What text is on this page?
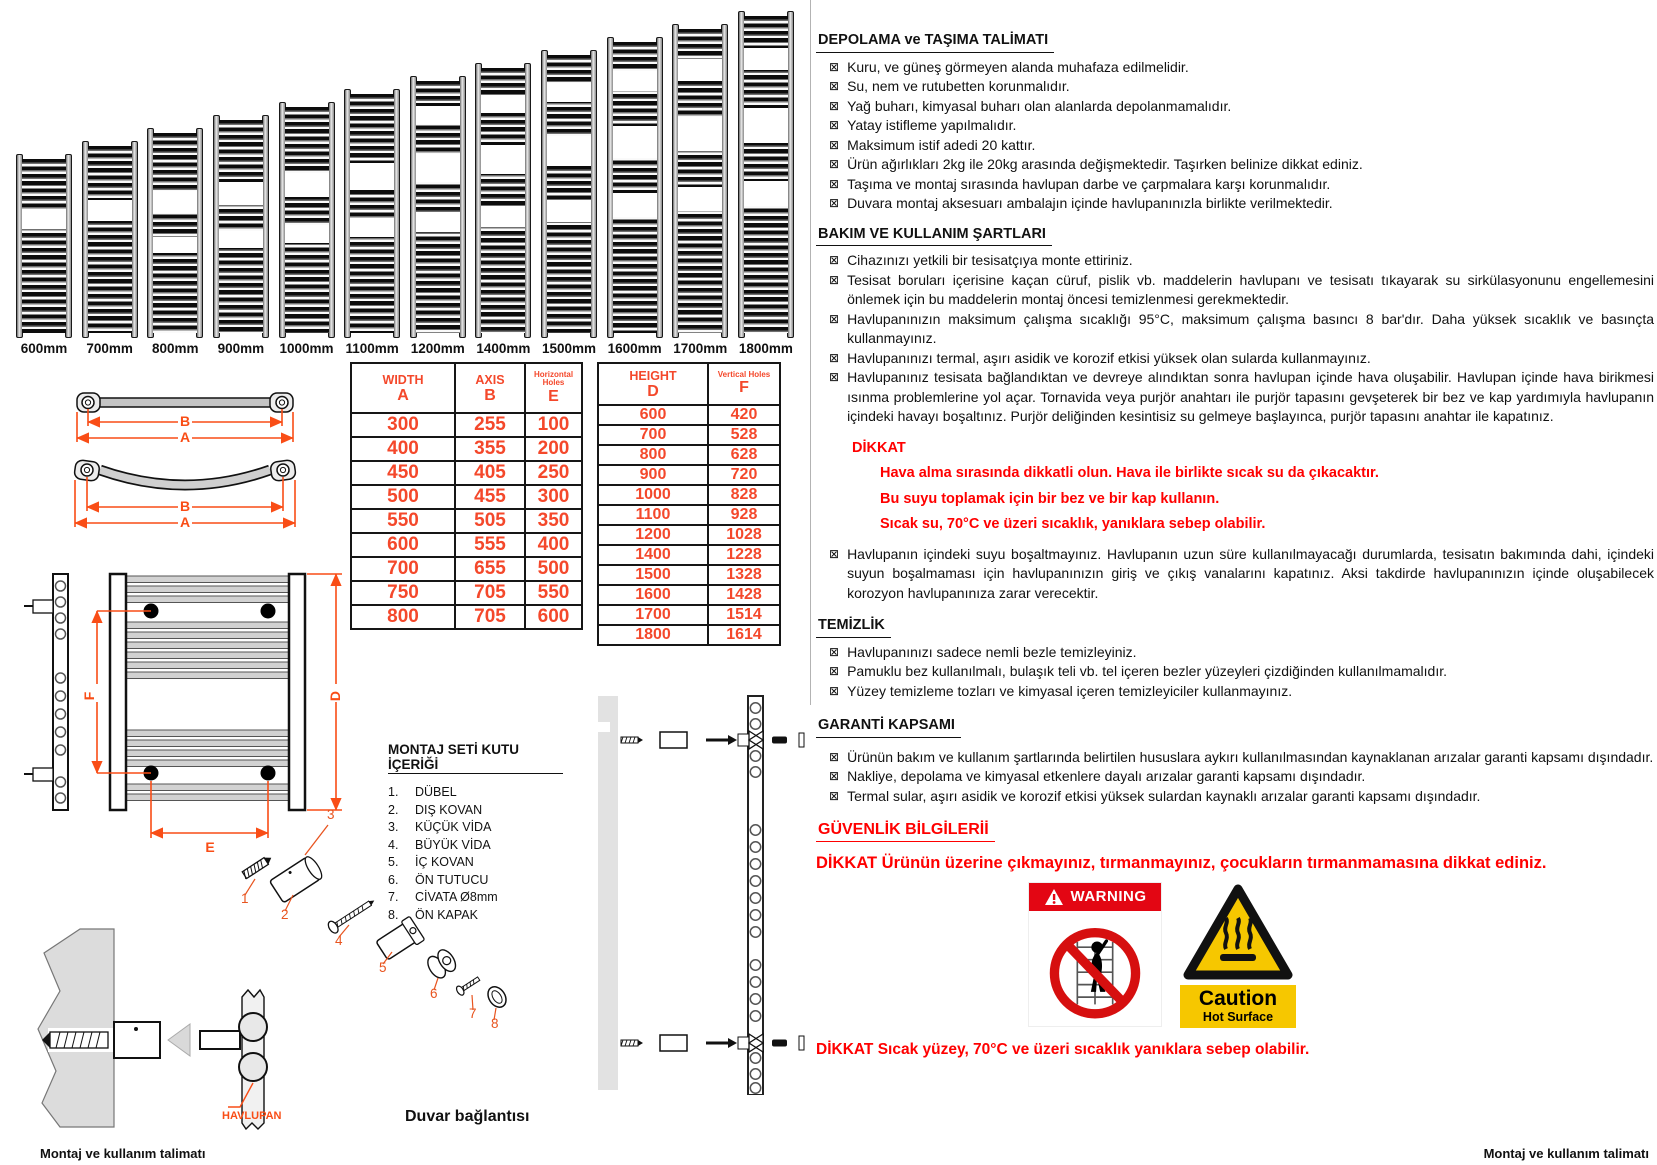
600mm 700mm 800mm 900mm 1000mm 1100mm 1200mm 1400mm 1500mm 1600mm 1700mm 1800mm
B
A
B
A
F	D
E
WIDTH
A

AXIS
B

Horizontal Holes
E

300	255	100
400	355	200
450	405	250
500	455	300
550	505	350
600	555	400
700	655	500
750	705	550
800	705	600
HEIGHT
D

Vertical Holes
F

600	420
700	528
800	628
900	720
1000	828
1100	928
1200	1028
1400	1228
1500	1328
1600	1428
1700	1514
1800	1614
MONTAJ SETİ KUTU İÇERİĞİ
1.	DÜBEL
2.	DIŞ KOVAN
3.	KÜÇÜK VİDA
4.	BÜYÜK VİDA
5.	İÇ KOVAN
6.	ÖN TUTUCU
7.	CİVATA Ø8mm
8.	ÖN KAPAK
1
2
3
4
5
6
7
8
HAVLUPAN	Duvar bağlantısı
DEPOLAMA ve TAŞIMA TALİMATI
⊠ Kuru, ve güneş görmeyen alanda muhafaza edilmelidir.
⊠ Su, nem ve rutubetten korunmalıdır.
⊠ Yağ buharı, kimyasal buharı olan alanlarda depolanmamalıdır.
⊠ Yatay istifleme yapılmalıdır.
⊠ Maksimum istif adedi 20 kattır.
⊠ Ürün ağırlıkları 2kg ile 20kg arasında değişmektedir. Taşırken belinize dikkat ediniz.
⊠ Taşıma ve montaj sırasında havlupan darbe ve çarpmalara karşı korunmalıdır.
⊠ Duvara montaj aksesuarı ambalajın içinde havlupanınızla birlikte verilmektedir.
BAKIM VE KULLANIM ŞARTLARI
⊠ Cihazınızı yetkili bir tesisatçıya monte ettiriniz.
⊠ Tesisat boruları içerisine kaçan cüruf, pislik vb. maddelerin havlupanı ve tesisatı tıkayarak su sirkülasyonunu engellemesini önlemek için bu maddelerin montaj öncesi temizlenmesi gerekmektedir.
⊠ Havlupanınızın maksimum çalışma sıcaklığı 95°C, maksimum çalışma basıncı 8 bar'dır. Daha yüksek sıcaklık ve basınçta kullanmayınız.
⊠ Havlupanınızı termal, aşırı asidik ve korozif etkisi yüksek olan sularda kullanmayınız.
⊠ Havlupanınız tesisata bağlandıktan ve devreye alındıktan sonra havlupan içinde hava oluşabilir. Havlupan içinde hava birikmesi ısınma problemlerine yol açar. Tornavida veya purjör anahtarı ile purjör tapasını gevşeterek bir bez ve kap yardımıyla havlupanın içindeki havayı boşaltınız. Purjör deliğinden kesintisiz su gelmeye başlayınca, purjör tapasını anahtar ile kapatınız.
DİKKAT
Hava alma sırasında dikkatli olun. Hava ile birlikte sıcak su da çıkacaktır.
Bu suyu toplamak için bir bez ve bir kap kullanın.
Sıcak su, 70°C ve üzeri sıcaklık, yanıklara sebep olabilir.
⊠ Havlupanın içindeki suyu boşaltmayınız. Havlupanın uzun süre kullanılmayacağı durumlarda, tesisatın bakımında dahi, içindeki suyun boşalmaması için havlupanınızın giriş ve çıkış vanalarını kapatınız. Aksi takdirde havlupanınızın içinde oluşabilecek korozyon havlupanınıza zarar verecektir.
TEMİZLİK
⊠ Havlupanınızı sadece nemli bezle temizleyiniz.
⊠ Pamuklu bez kullanılmalı, bulaşık teli vb. tel içeren bezler yüzeyleri çizdiğinden kullanılmamalıdır.
⊠ Yüzey temizleme tozları ve kimyasal içeren temizleyiciler kullanmayınız.
GARANTİ KAPSAMI
⊠ Ürünün bakım ve kullanım şartlarında belirtilen hususlara aykırı kullanılmasından kaynaklanan arızalar garanti kapsamı dışındadır.
⊠ Nakliye, depolama ve kimyasal etkenlere dayalı arızalar garanti kapsamı dışındadır.
⊠ Termal sular, aşırı asidik ve korozif etkisi yüksek sulardan kaynaklı arızalar garanti kapsamı dışındadır.
GÜVENLİK BİLGİLERİİ
DİKKAT Ürünün üzerine çıkmayınız, tırmanmayınız, çocukların tırmanmamasına dikkat ediniz.
WARNING
Caution
Hot Surface
DİKKAT Sıcak yüzey, 70°C ve üzeri sıcaklık yanıklara sebep olabilir.
Montaj ve kullanım talimatı	Montaj ve kullanım talimatı
